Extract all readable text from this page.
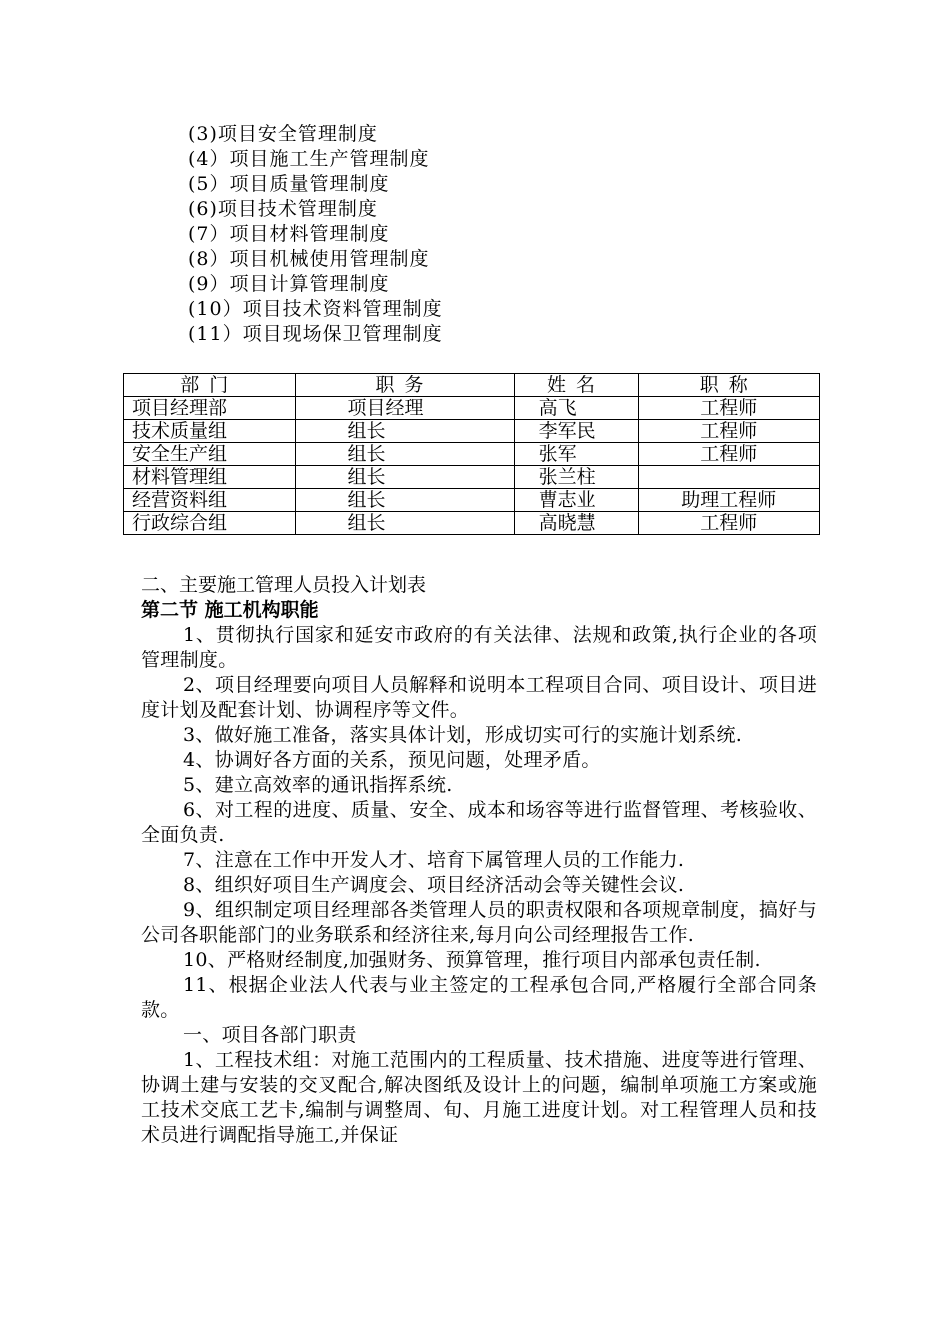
(3)项目安全管理制度
(4）项目施工生产管理制度
(5）项目质量管理制度
(6)项目技术管理制度
(7）项目材料管理制度
(8）项目机械使用管理制度
(9）项目计算管理制度
(10）项目技术资料管理制度
(11）项目现场保卫管理制度
部门	职务	姓名	职称
项目经理部	项目经理	高飞	工程师
技术质量组	组长	李军民	工程师
安全生产组	组长	张军	工程师
材料管理组	组长	张兰柱	
经营资料组	组长	曹志业	助理工程师
行政综合组	组长	高晓慧	工程师

二、主要施工管理人员投入计划表

第二节 施工机构职能

1、贯彻执行国家和延安市政府的有关法律、法规和政策,执行企业的各项管理制度。

2、项目经理要向项目人员解释和说明本工程项目合同、项目设计、项目进度计划及配套计划、协调程序等文件。

3、做好施工准备，落实具体计划，形成切实可行的实施计划系统.

4、协调好各方面的关系，预见问题，处理矛盾。

5、建立高效率的通讯指挥系统.

6、对工程的进度、质量、安全、成本和场容等进行监督管理、考核验收、全面负责.

7、注意在工作中开发人才、培育下属管理人员的工作能力.

8、组织好项目生产调度会、项目经济活动会等关键性会议.

9、组织制定项目经理部各类管理人员的职责权限和各项规章制度，搞好与公司各职能部门的业务联系和经济往来,每月向公司经理报告工作.

10、严格财经制度,加强财务、预算管理，推行项目内部承包责任制.

11、根据企业法人代表与业主签定的工程承包合同,严格履行全部合同条款。

一、项目各部门职责

1、工程技术组：对施工范围内的工程质量、技术措施、进度等进行管理、协调土建与安装的交叉配合,解决图纸及设计上的问题，编制单项施工方案或施工技术交底工艺卡,编制与调整周、旬、月施工进度计划。对工程管理人员和技术员进行调配指导施工,并保证
